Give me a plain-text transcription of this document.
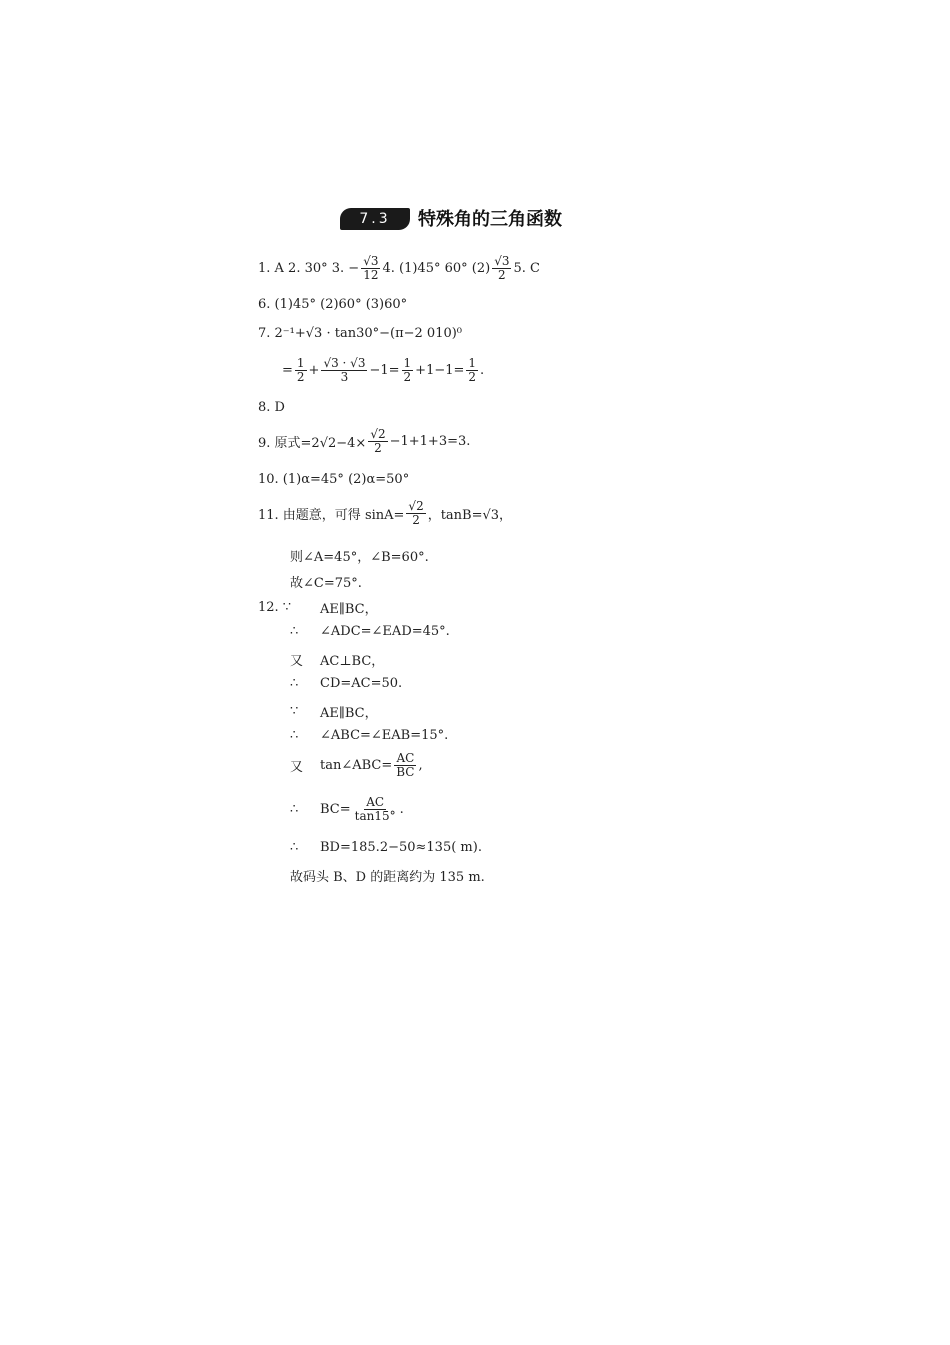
7.3	特殊角的三角函数
1. A 2. 30° 3. − $\frac{√3}{12} 4$. (1)45° 60° $(2) \frac{√3}{2} 5$. C
6. (1)45° (2)60° (3)60°
7. 2⁻¹+√3 · tan30°−(π−2 010)⁰
= $\frac{1}{2} + \frac{√3 \cdot √3}{3} -1= \frac{1}{2} +1-1= \frac{1}{2}$ .
8. D
9. 原式$=2√2-4\times \frac{√2}{2} -1+1+3=3$.
10. (1)α=45° (2)α=50°
11. 由题意，可得 $\sin A= \frac{√2}{2}$ ，tanB=√3，
则∠A=45°，∠B=60°.
故∠C=75°.
12. ∵	AE∥BC，
∴	∠ADC=∠EAD=45°.
又	AC⊥BC，
∴	CD=AC=50.
∵	AE∥BC，
∴	∠ABC=∠EAB=15°.
又	tan∠ABC= $\frac{AC}{BC}$ ,
∴	$BC= \frac{AC}{\tan 15^\circ}$ .
∴	BD=185.2−50≈135( m).
故码头 B、D 的距离约为 135 m.
